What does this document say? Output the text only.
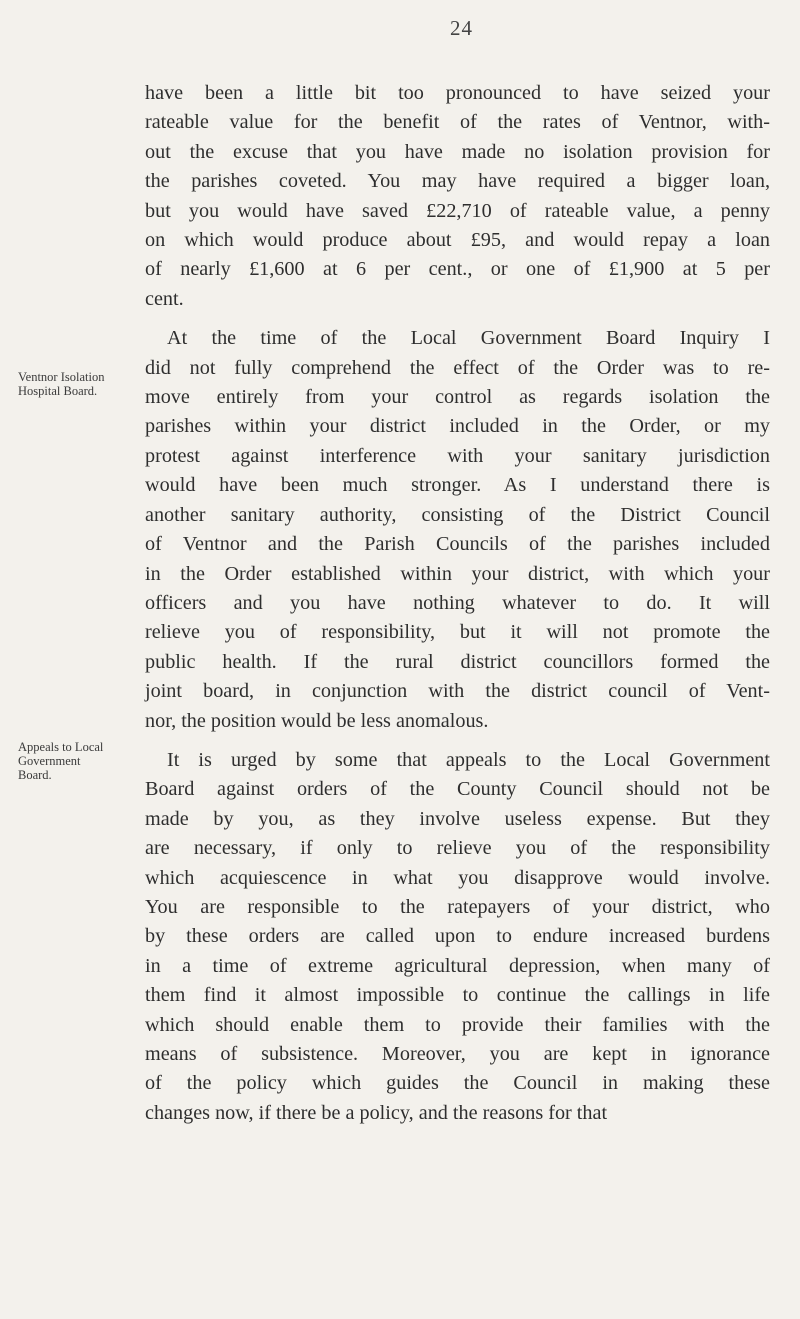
24
Ventnor Isolation
Hospital Board.
Appeals to Local
Government
Board.

have been a little bit too pronounced to have seized your
rateable value for the benefit of the rates of Ventnor, with-
out the excuse that you have made no isolation provision for
the parishes coveted. You may have required a bigger loan,
but you would have saved £22,710 of rateable value, a penny
on which would produce about £95, and would repay a loan
of nearly £1,600 at 6 per cent., or one of £1,900 at 5 per
cent.

At the time of the Local Government Board Inquiry I
did not fully comprehend the effect of the Order was to re-
move entirely from your control as regards isolation the
parishes within your district included in the Order, or my
protest against interference with your sanitary jurisdiction
would have been much stronger. As I understand there is
another sanitary authority, consisting of the District Council
of Ventnor and the Parish Councils of the parishes included
in the Order established within your district, with which your
officers and you have nothing whatever to do. It will
relieve you of responsibility, but it will not promote the
public health. If the rural district councillors formed the
joint board, in conjunction with the district council of Vent-
nor, the position would be less anomalous.

It is urged by some that appeals to the Local Government
Board against orders of the County Council should not be
made by you, as they involve useless expense. But they
are necessary, if only to relieve you of the responsibility
which acquiescence in what you disapprove would involve.
You are responsible to the ratepayers of your district, who
by these orders are called upon to endure increased burdens
in a time of extreme agricultural depression, when many of
them find it almost impossible to continue the callings in life
which should enable them to provide their families with the
means of subsistence. Moreover, you are kept in ignorance
of the policy which guides the Council in making these
changes now, if there be a policy, and the reasons for that
